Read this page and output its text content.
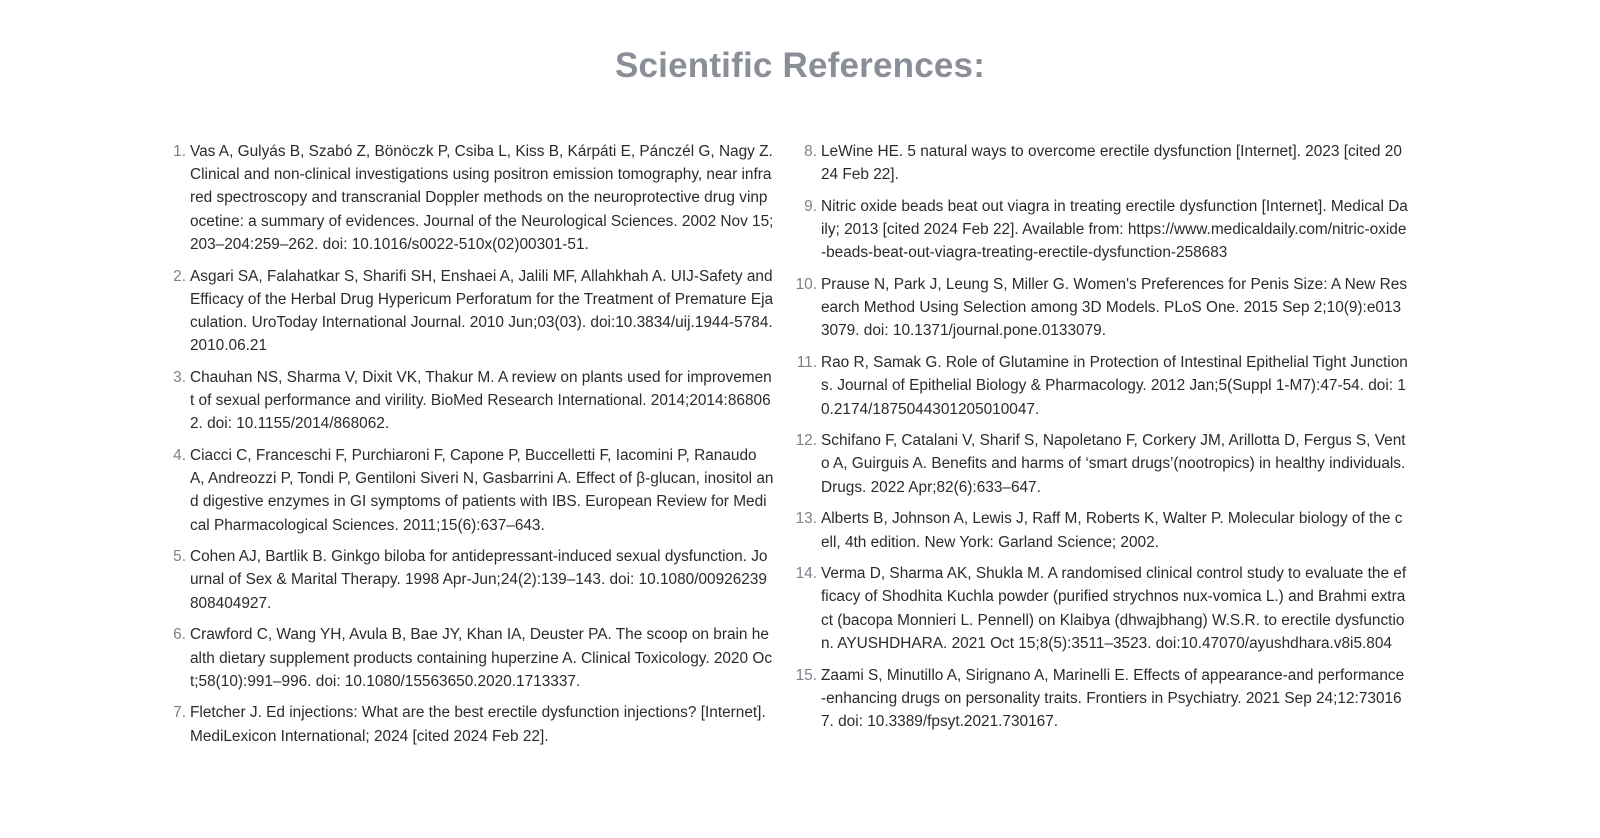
Scientific References:
1. Vas A, Gulyás B, Szabó Z, Bönöczk P, Csiba L, Kiss B, Kárpáti E, Pánczél G, Nagy Z. Clinical and non-clinical investigations using positron emission tomography, near infrared spectroscopy and transcranial Doppler methods on the neuroprotective drug vinpocetine: a summary of evidences. Journal of the Neurological Sciences. 2002 Nov 15;203–204:259–262. doi: 10.1016/s0022-510x(02)00301-51.
2. Asgari SA, Falahatkar S, Sharifi SH, Enshaei A, Jalili MF, Allahkhah A. UIJ-Safety and Efficacy of the Herbal Drug Hypericum Perforatum for the Treatment of Premature Ejaculation. UroToday International Journal. 2010 Jun;03(03). doi:10.3834/uij.1944-5784.2010.06.21
3. Chauhan NS, Sharma V, Dixit VK, Thakur M. A review on plants used for improvement of sexual performance and virility. BioMed Research International. 2014;2014:868062. doi: 10.1155/2014/868062.
4. Ciacci C, Franceschi F, Purchiaroni F, Capone P, Buccelletti F, Iacomini P, Ranaudo A, Andreozzi P, Tondi P, Gentiloni Siveri N, Gasbarrini A. Effect of β-glucan, inositol and digestive enzymes in GI symptoms of patients with IBS. European Review for Medical Pharmacological Sciences. 2011;15(6):637–643.
5. Cohen AJ, Bartlik B. Ginkgo biloba for antidepressant-induced sexual dysfunction. Journal of Sex & Marital Therapy. 1998 Apr-Jun;24(2):139–143. doi: 10.1080/00926239808404927.
6. Crawford C, Wang YH, Avula B, Bae JY, Khan IA, Deuster PA. The scoop on brain health dietary supplement products containing huperzine A. Clinical Toxicology. 2020 Oct;58(10):991–996. doi: 10.1080/15563650.2020.1713337.
7. Fletcher J. Ed injections: What are the best erectile dysfunction injections? [Internet]. MediLexicon International; 2024 [cited 2024 Feb 22].
8. LeWine HE. 5 natural ways to overcome erectile dysfunction [Internet]. 2023 [cited 2024 Feb 22].
9. Nitric oxide beads beat out viagra in treating erectile dysfunction [Internet]. Medical Daily; 2013 [cited 2024 Feb 22]. Available from: https://www.medicaldaily.com/nitric-oxide-beads-beat-out-viagra-treating-erectile-dysfunction-258683
10. Prause N, Park J, Leung S, Miller G. Women's Preferences for Penis Size: A New Research Method Using Selection among 3D Models. PLoS One. 2015 Sep 2;10(9):e0133079. doi: 10.1371/journal.pone.0133079.
11. Rao R, Samak G. Role of Glutamine in Protection of Intestinal Epithelial Tight Junctions. Journal of Epithelial Biology & Pharmacology. 2012 Jan;5(Suppl 1-M7):47-54. doi: 10.2174/1875044301205010047.
12. Schifano F, Catalani V, Sharif S, Napoletano F, Corkery JM, Arillotta D, Fergus S, Vento A, Guirguis A. Benefits and harms of ‘smart drugs’(nootropics) in healthy individuals. Drugs. 2022 Apr;82(6):633–647.
13. Alberts B, Johnson A, Lewis J, Raff M, Roberts K, Walter P. Molecular biology of the cell, 4th edition. New York: Garland Science; 2002.
14. Verma D, Sharma AK, Shukla M. A randomised clinical control study to evaluate the efficacy of Shodhita Kuchla powder (purified strychnos nux-vomica L.) and Brahmi extract (bacopa Monnieri L. Pennell) on Klaibya (dhwajbhang) W.S.R. to erectile dysfunction. AYUSHDHARA. 2021 Oct 15;8(5):3511–3523. doi:10.47070/ayushdhara.v8i5.804
15. Zaami S, Minutillo A, Sirignano A, Marinelli E. Effects of appearance-and performance-enhancing drugs on personality traits. Frontiers in Psychiatry. 2021 Sep 24;12:730167. doi: 10.3389/fpsyt.2021.730167.
